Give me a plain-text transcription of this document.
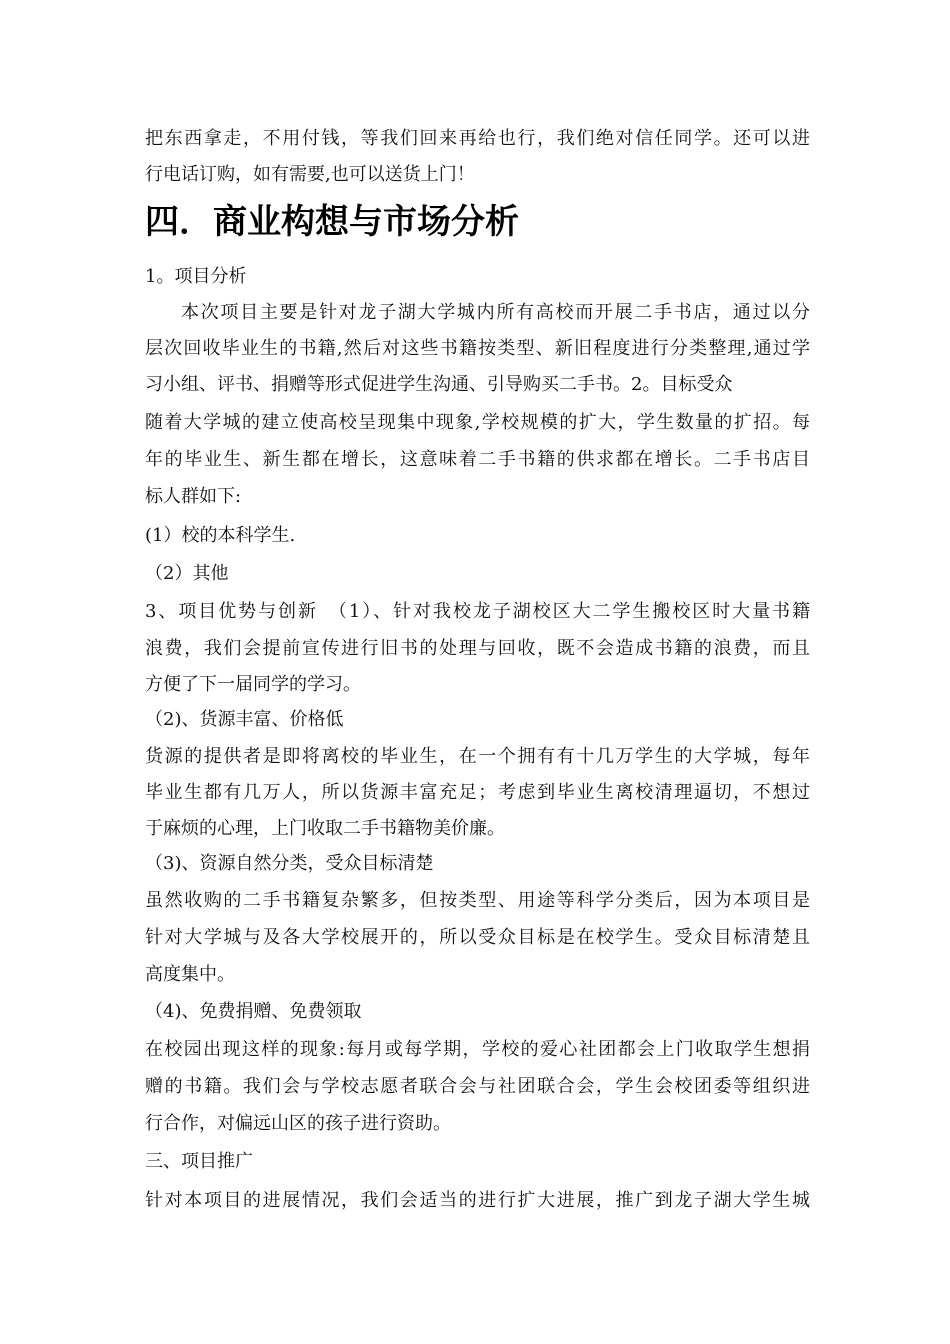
把东西拿走，不用付钱，等我们回来再给也行，我们绝对信任同学。还可以进
行电话订购，如有需要,也可以送货上门！
四．商业构想与市场分析
1。项目分析
本次项目主要是针对龙子湖大学城内所有高校而开展二手书店，通过以分
层次回收毕业生的书籍,然后对这些书籍按类型、新旧程度进行分类整理,通过学
习小组、评书、捐赠等形式促进学生沟通、引导购买二手书。2。目标受众
随着大学城的建立使高校呈现集中现象,学校规模的扩大，学生数量的扩招。每
年的毕业生、新生都在增长，这意味着二手书籍的供求都在增长。二手书店目
标人群如下:
(1）校的本科学生.
（2）其他
3、项目优势与创新　（1）、针对我校龙子湖校区大二学生搬校区时大量书籍
浪费，我们会提前宣传进行旧书的处理与回收，既不会造成书籍的浪费，而且
方便了下一届同学的学习。
（2)、货源丰富、价格低
货源的提供者是即将离校的毕业生，在一个拥有有十几万学生的大学城，每年
毕业生都有几万人，所以货源丰富充足；考虑到毕业生离校清理逼切，不想过
于麻烦的心理，上门收取二手书籍物美价廉。
（3)、资源自然分类，受众目标清楚
虽然收购的二手书籍复杂繁多，但按类型、用途等科学分类后，因为本项目是
针对大学城与及各大学校展开的，所以受众目标是在校学生。受众目标清楚且
高度集中。
（4)、免费捐赠、免费领取
在校园出现这样的现象:每月或每学期，学校的爱心社团都会上门收取学生想捐
赠的书籍。我们会与学校志愿者联合会与社团联合会，学生会校团委等组织进
行合作，对偏远山区的孩子进行资助。
三、项目推广
针对本项目的进展情况，我们会适当的进行扩大进展，推广到龙子湖大学生城
